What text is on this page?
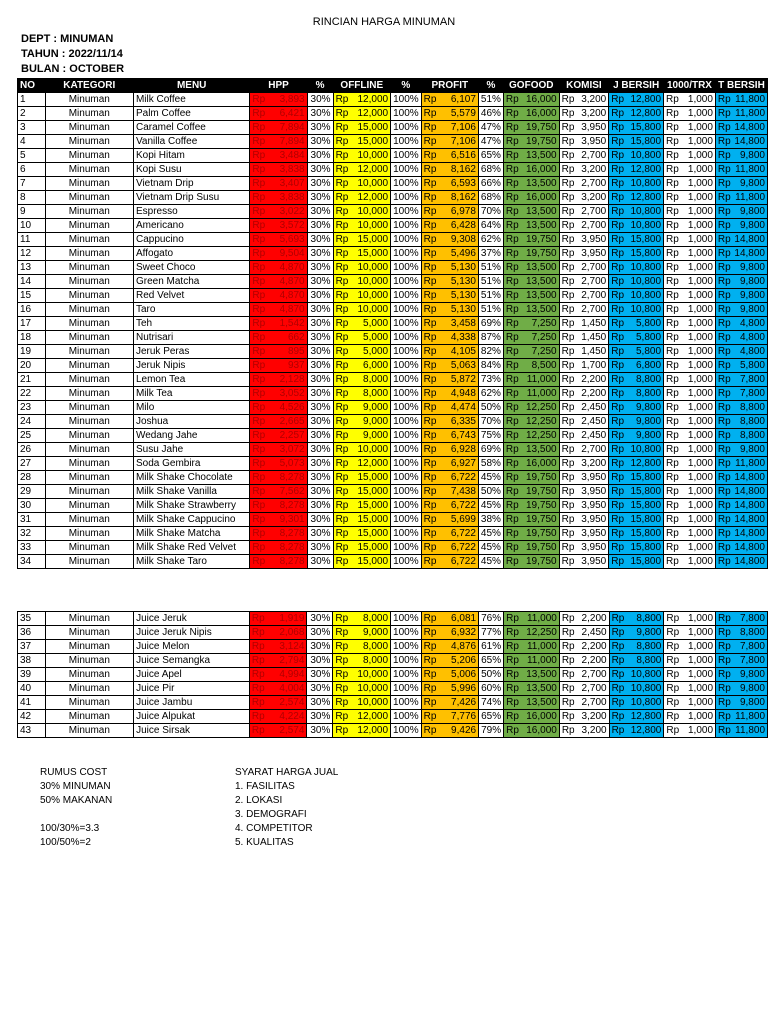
RINCIAN HARGA MINUMAN
DEPT : MINUMAN
TAHUN : 2022/11/14
BULAN : OCTOBER
NO	KATEGORI	MENU	HPP	%	OFFLINE	%	PROFIT	%	GOFOOD	KOMISI	J BERSIH	1000/TRX	T BERSIH
1	Minuman	Milk Coffee	Rp 3,893	30%	Rp 12,000	100%	Rp 6,107	51%	Rp 16,000	Rp 3,200	Rp 12,800	Rp 1,000	Rp 11,800

2	Minuman	Palm Coffee	Rp 6,421	30%	Rp 12,000	100%	Rp 5,579	46%	Rp 16,000	Rp 3,200	Rp 12,800	Rp 1,000	Rp 11,800

3	Minuman	Caramel Coffee	Rp 7,894	30%	Rp 15,000	100%	Rp 7,106	47%	Rp 19,750	Rp 3,950	Rp 15,800	Rp 1,000	Rp 14,800

4	Minuman	Vanilla Coffee	Rp 7,894	30%	Rp 15,000	100%	Rp 7,106	47%	Rp 19,750	Rp 3,950	Rp 15,800	Rp 1,000	Rp 14,800

5	Minuman	Kopi Hitam	Rp 3,484	30%	Rp 10,000	100%	Rp 6,516	65%	Rp 13,500	Rp 2,700	Rp 10,800	Rp 1,000	Rp 9,800

6	Minuman	Kopi Susu	Rp 3,838	30%	Rp 12,000	100%	Rp 8,162	68%	Rp 16,000	Rp 3,200	Rp 12,800	Rp 1,000	Rp 11,800

7	Minuman	Vietnam Drip	Rp 3,407	30%	Rp 10,000	100%	Rp 6,593	66%	Rp 13,500	Rp 2,700	Rp 10,800	Rp 1,000	Rp 9,800

8	Minuman	Vietnam Drip Susu	Rp 3,838	30%	Rp 12,000	100%	Rp 8,162	68%	Rp 16,000	Rp 3,200	Rp 12,800	Rp 1,000	Rp 11,800

9	Minuman	Espresso	Rp 3,022	30%	Rp 10,000	100%	Rp 6,978	70%	Rp 13,500	Rp 2,700	Rp 10,800	Rp 1,000	Rp 9,800

10	Minuman	Americano	Rp 3,572	30%	Rp 10,000	100%	Rp 6,428	64%	Rp 13,500	Rp 2,700	Rp 10,800	Rp 1,000	Rp 9,800

11	Minuman	Cappucino	Rp 5,693	30%	Rp 15,000	100%	Rp 9,308	62%	Rp 19,750	Rp 3,950	Rp 15,800	Rp 1,000	Rp 14,800

12	Minuman	Affogato	Rp 9,504	30%	Rp 15,000	100%	Rp 5,496	37%	Rp 19,750	Rp 3,950	Rp 15,800	Rp 1,000	Rp 14,800

13	Minuman	Sweet Choco	Rp 4,870	30%	Rp 10,000	100%	Rp 5,130	51%	Rp 13,500	Rp 2,700	Rp 10,800	Rp 1,000	Rp 9,800

14	Minuman	Green Matcha	Rp 4,870	30%	Rp 10,000	100%	Rp 5,130	51%	Rp 13,500	Rp 2,700	Rp 10,800	Rp 1,000	Rp 9,800

15	Minuman	Red Velvet	Rp 4,870	30%	Rp 10,000	100%	Rp 5,130	51%	Rp 13,500	Rp 2,700	Rp 10,800	Rp 1,000	Rp 9,800

16	Minuman	Taro	Rp 4,870	30%	Rp 10,000	100%	Rp 5,130	51%	Rp 13,500	Rp 2,700	Rp 10,800	Rp 1,000	Rp 9,800

17	Minuman	Teh	Rp 1,542	30%	Rp 5,000	100%	Rp 3,458	69%	Rp 7,250	Rp 1,450	Rp 5,800	Rp 1,000	Rp 4,800

18	Minuman	Nutrisari	Rp 662	30%	Rp 5,000	100%	Rp 4,338	87%	Rp 7,250	Rp 1,450	Rp 5,800	Rp 1,000	Rp 4,800

19	Minuman	Jeruk Peras	Rp 895	30%	Rp 5,000	100%	Rp 4,105	82%	Rp 7,250	Rp 1,450	Rp 5,800	Rp 1,000	Rp 4,800

20	Minuman	Jeruk Nipis	Rp 937	30%	Rp 6,000	100%	Rp 5,063	84%	Rp 8,500	Rp 1,700	Rp 6,800	Rp 1,000	Rp 5,800

21	Minuman	Lemon Tea	Rp 2,128	30%	Rp 8,000	100%	Rp 5,872	73%	Rp 11,000	Rp 2,200	Rp 8,800	Rp 1,000	Rp 7,800

22	Minuman	Milk Tea	Rp 3,052	30%	Rp 8,000	100%	Rp 4,948	62%	Rp 11,000	Rp 2,200	Rp 8,800	Rp 1,000	Rp 7,800

23	Minuman	Milo	Rp 4,526	30%	Rp 9,000	100%	Rp 4,474	50%	Rp 12,250	Rp 2,450	Rp 9,800	Rp 1,000	Rp 8,800

24	Minuman	Joshua	Rp 2,665	30%	Rp 9,000	100%	Rp 6,335	70%	Rp 12,250	Rp 2,450	Rp 9,800	Rp 1,000	Rp 8,800

25	Minuman	Wedang Jahe	Rp 2,257	30%	Rp 9,000	100%	Rp 6,743	75%	Rp 12,250	Rp 2,450	Rp 9,800	Rp 1,000	Rp 8,800

26	Minuman	Susu Jahe	Rp 3,072	30%	Rp 10,000	100%	Rp 6,928	69%	Rp 13,500	Rp 2,700	Rp 10,800	Rp 1,000	Rp 9,800

27	Minuman	Soda Gembira	Rp 5,073	30%	Rp 12,000	100%	Rp 6,927	58%	Rp 16,000	Rp 3,200	Rp 12,800	Rp 1,000	Rp 11,800

28	Minuman	Milk Shake Chocolate	Rp 8,278	30%	Rp 15,000	100%	Rp 6,722	45%	Rp 19,750	Rp 3,950	Rp 15,800	Rp 1,000	Rp 14,800

29	Minuman	Milk Shake Vanilla	Rp 7,562	30%	Rp 15,000	100%	Rp 7,438	50%	Rp 19,750	Rp 3,950	Rp 15,800	Rp 1,000	Rp 14,800

30	Minuman	Milk Shake Strawberry	Rp 8,278	30%	Rp 15,000	100%	Rp 6,722	45%	Rp 19,750	Rp 3,950	Rp 15,800	Rp 1,000	Rp 14,800

31	Minuman	Milk Shake Cappucino	Rp 9,301	30%	Rp 15,000	100%	Rp 5,699	38%	Rp 19,750	Rp 3,950	Rp 15,800	Rp 1,000	Rp 14,800

32	Minuman	Milk Shake Matcha	Rp 8,278	30%	Rp 15,000	100%	Rp 6,722	45%	Rp 19,750	Rp 3,950	Rp 15,800	Rp 1,000	Rp 14,800

33	Minuman	Milk Shake Red Velvet	Rp 8,278	30%	Rp 15,000	100%	Rp 6,722	45%	Rp 19,750	Rp 3,950	Rp 15,800	Rp 1,000	Rp 14,800

34	Minuman	Milk Shake Taro	Rp 8,278	30%	Rp 15,000	100%	Rp 6,722	45%	Rp 19,750	Rp 3,950	Rp 15,800	Rp 1,000	Rp 14,800
35	Minuman	Juice Jeruk	Rp 1,919	30%	Rp 8,000	100%	Rp 6,081	76%	Rp 11,000	Rp 2,200	Rp 8,800	Rp 1,000	Rp 7,800

36	Minuman	Juice Jeruk Nipis	Rp 2,068	30%	Rp 9,000	100%	Rp 6,932	77%	Rp 12,250	Rp 2,450	Rp 9,800	Rp 1,000	Rp 8,800

37	Minuman	Juice Melon	Rp 3,124	30%	Rp 8,000	100%	Rp 4,876	61%	Rp 11,000	Rp 2,200	Rp 8,800	Rp 1,000	Rp 7,800

38	Minuman	Juice Semangka	Rp 2,794	30%	Rp 8,000	100%	Rp 5,206	65%	Rp 11,000	Rp 2,200	Rp 8,800	Rp 1,000	Rp 7,800

39	Minuman	Juice Apel	Rp 4,994	30%	Rp 10,000	100%	Rp 5,006	50%	Rp 13,500	Rp 2,700	Rp 10,800	Rp 1,000	Rp 9,800

40	Minuman	Juice Pir	Rp 4,004	30%	Rp 10,000	100%	Rp 5,996	60%	Rp 13,500	Rp 2,700	Rp 10,800	Rp 1,000	Rp 9,800

41	Minuman	Juice Jambu	Rp 2,574	30%	Rp 10,000	100%	Rp 7,426	74%	Rp 13,500	Rp 2,700	Rp 10,800	Rp 1,000	Rp 9,800

42	Minuman	Juice Alpukat	Rp 4,224	30%	Rp 12,000	100%	Rp 7,776	65%	Rp 16,000	Rp 3,200	Rp 12,800	Rp 1,000	Rp 11,800

43	Minuman	Juice Sirsak	Rp 2,574	30%	Rp 12,000	100%	Rp 9,426	79%	Rp 16,000	Rp 3,200	Rp 12,800	Rp 1,000	Rp 11,800
RUMUS COST
30% MINUMAN
50% MAKANAN
100/30%=3.3
100/50%=2
SYARAT HARGA JUAL
1. FASILITAS
2. LOKASI
3. DEMOGRAFI
4. COMPETITOR
5. KUALITAS
